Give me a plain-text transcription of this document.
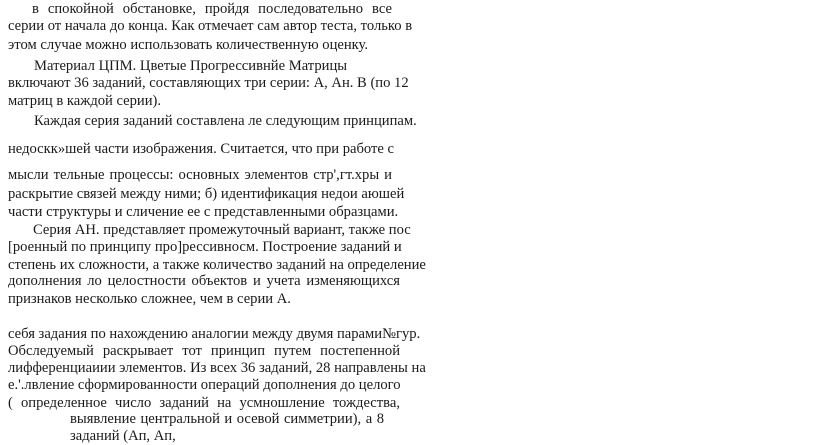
в спокойной обстановке, пройдя последовательно все
серии от начала до конца. Как отмечает сам автор теста, только в
этом случае можно использовать количественную оценку.
Материал ЦПМ. Цветые Прогрессивнйе Матрицы
включают 36 заданий, составляющих три серии: А, Ан. В (по 12
матриц в каждой серии).
Каждая серия заданий составлена ле следующим принципам.
недоскк»шей части изображения. Считается, что при работе с
мысли тельные процессы: основных элементов стр',гт.хры и
раскрытие связей между ними; б) идентификация недои аюшей
части структуры и сличение ее с представленными образцами.
Серия АН. представляет промежуточный вариант, также пос
[роенный по принципу про]рессивносм. Построение заданий и
степень их сложности, а также количество заданий на определение
дополнения ло целостности объектов и учета изменяющихся
признаков несколько сложнее, чем в серии А.
себя задания по нахождению аналогии между двумя парами№гур.
Обследуемый раскрывает тот принцип путем постепенной
лифференциаиии элементов. Из всех 36 заданий, 28 направлены на
е.'.лвление сформированности операций дополнения до целого
( определенное число заданий на усмношление тождества,
выявление центральной и осевой симметрии), а 8
заданий (Ап, Ап,
